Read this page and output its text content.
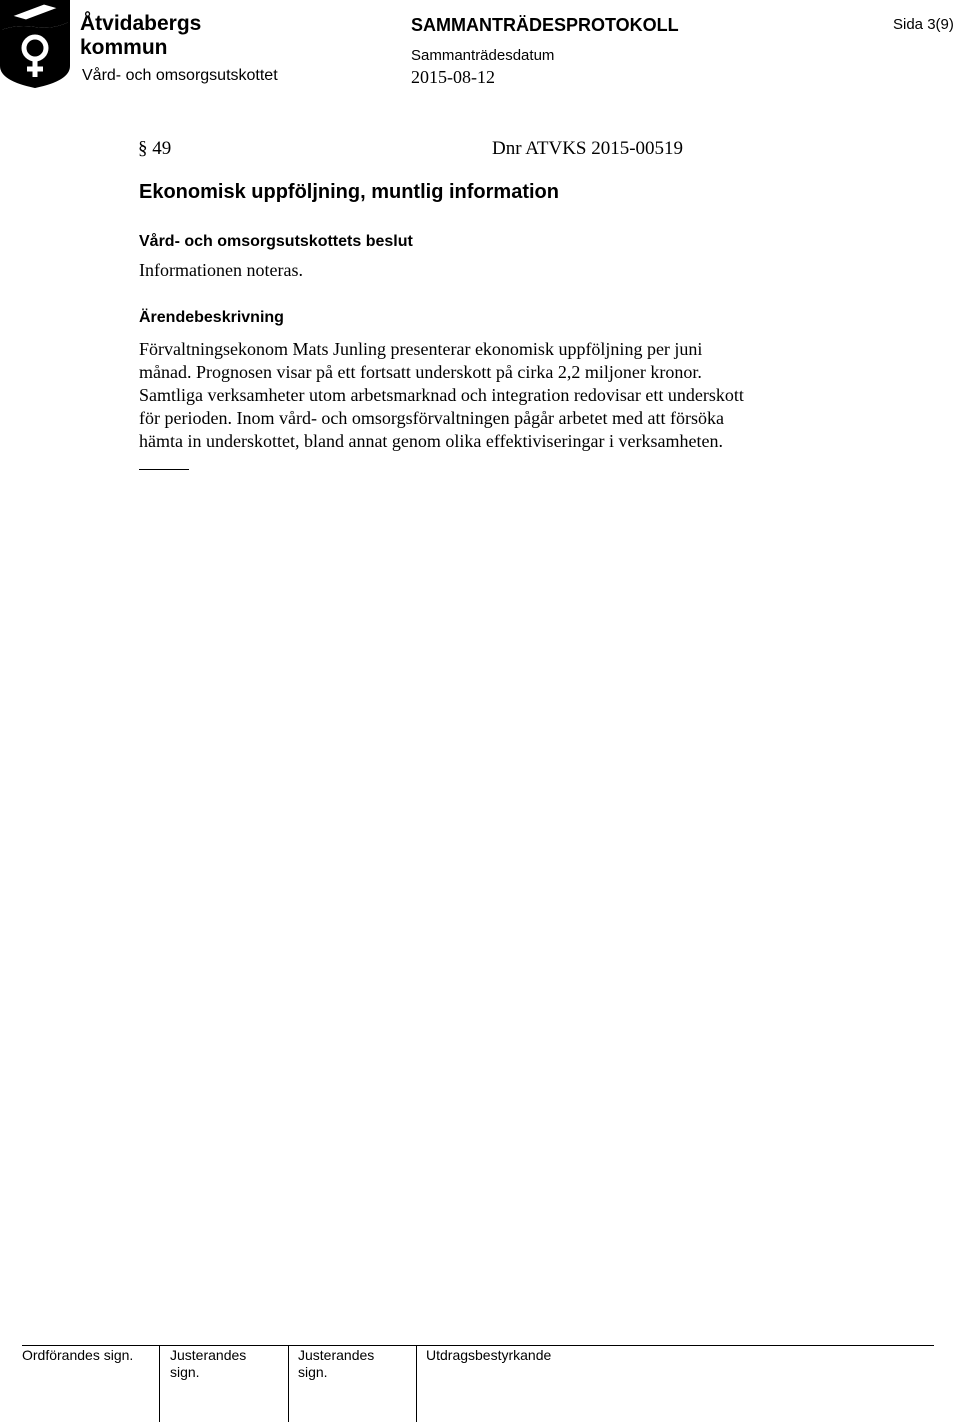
Åtvidabergs
kommun
Vård- och omsorgsutskottet
SAMMANTRÄDESPROTOKOLL
Sammanträdesdatum
2015-08-12
Sida 3(9)
§ 49	Dnr ATVKS 2015-00519
Ekonomisk uppföljning, muntlig information
Vård- och omsorgsutskottets beslut
Informationen noteras.
Ärendebeskrivning
Förvaltningsekonom Mats Junling presenterar ekonomisk uppföljning per juni
månad. Prognosen visar på ett fortsatt underskott på cirka 2,2 miljoner kronor.
Samtliga verksamheter utom arbetsmarknad och integration redovisar ett underskott
för perioden. Inom vård- och omsorgsförvaltningen pågår arbetet med att försöka
hämta in underskottet, bland annat genom olika effektiviseringar i verksamheten.
Ordförandes sign.	Justerandes
sign.
Justerandes
sign.
Utdragsbestyrkande
